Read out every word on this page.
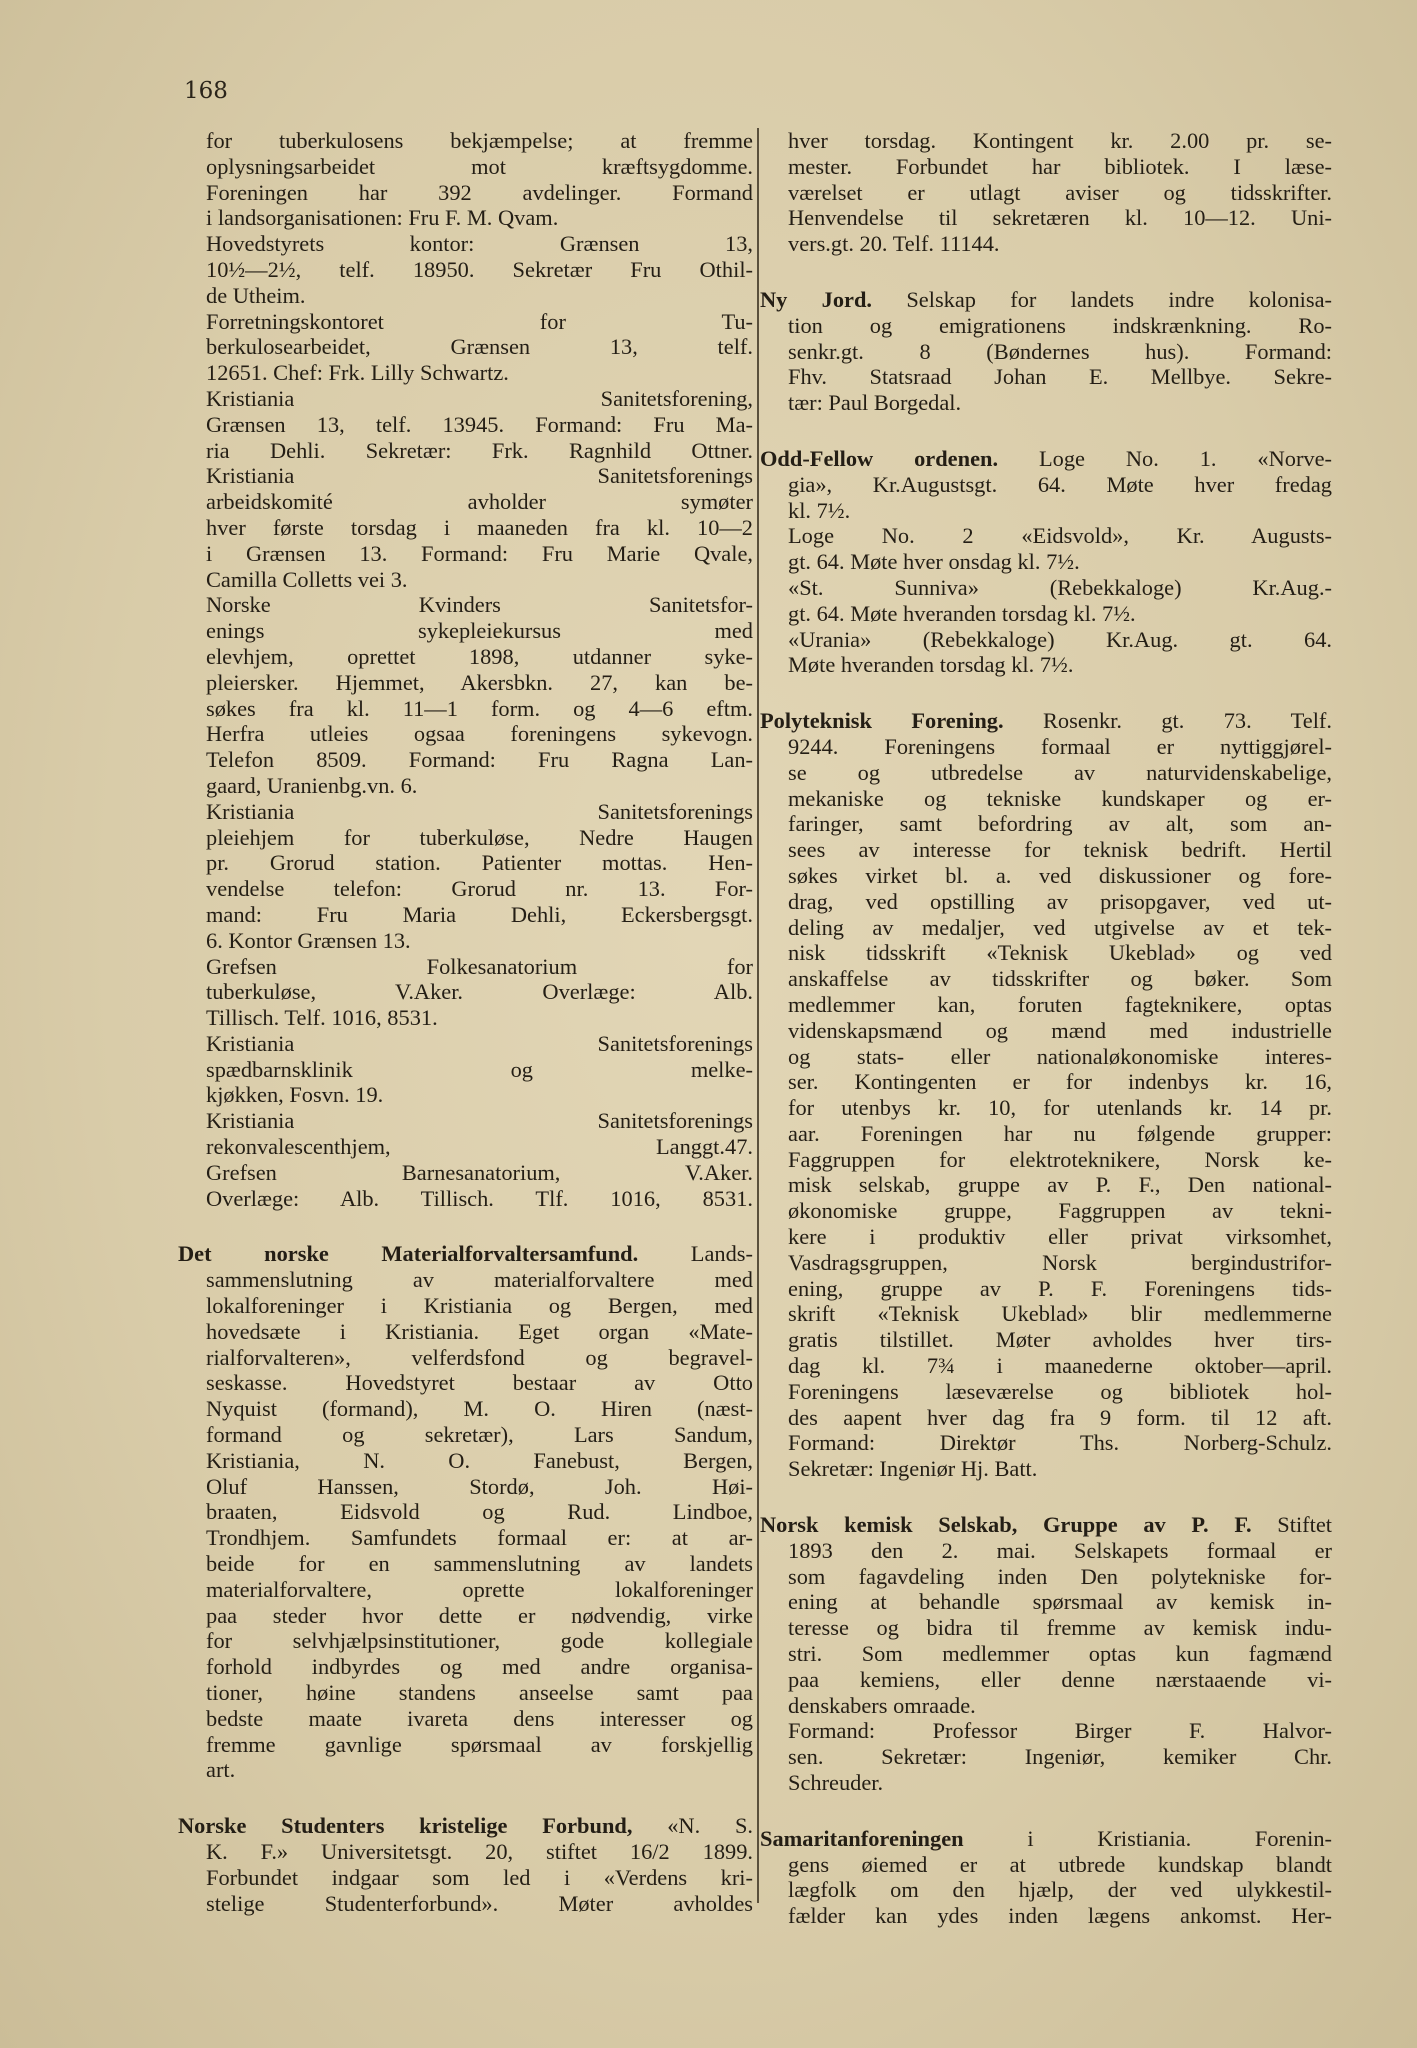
168
for tuberkulosens bekjæmpelse; at fremme
oplysningsarbeidet mot kræftsygdomme.
Foreningen har 392 avdelinger. Formand
i landsorganisationen: Fru F. M. Qvam.
Hovedstyrets kontor: Grænsen 13,
10½—2½, telf. 18950. Sekretær Fru Othil-
de Utheim.
Forretningskontoret for Tu-
berkulosearbeidet, Grænsen 13, telf.
12651. Chef: Frk. Lilly Schwartz.
Kristiania Sanitetsforening,
Grænsen 13, telf. 13945. Formand: Fru Ma-
ria Dehli. Sekretær: Frk. Ragnhild Ottner.
Kristiania Sanitetsforenings
arbeidskomité avholder symøter
hver første torsdag i maaneden fra kl. 10—2
i Grænsen 13. Formand: Fru Marie Qvale,
Camilla Colletts vei 3.
Norske Kvinders Sanitetsfor-
enings sykepleiekursus med
elevhjem, oprettet 1898, utdanner syke-
pleiersker. Hjemmet, Akersbkn. 27, kan be-
søkes fra kl. 11—1 form. og 4—6 eftm.
Herfra utleies ogsaa foreningens sykevogn.
Telefon 8509. Formand: Fru Ragna Lan-
gaard, Uranienbg.vn. 6.
Kristiania Sanitetsforenings
pleiehjem for tuberkuløse, Nedre Haugen
pr. Grorud station. Patienter mottas. Hen-
vendelse telefon: Grorud nr. 13. For-
mand: Fru Maria Dehli, Eckersbergsgt.
6. Kontor Grænsen 13.
Grefsen Folkesanatorium for
tuberkuløse, V.Aker. Overlæge: Alb.
Tillisch. Telf. 1016, 8531.
Kristiania Sanitetsforenings
spædbarnsklinik og melke-
kjøkken, Fosvn. 19.
Kristiania Sanitetsforenings
rekonvalescenthjem, Langgt.47.
Grefsen Barnesanatorium, V.Aker.
Overlæge: Alb. Tillisch. Tlf. 1016, 8531.
Det norske Materialforvaltersamfund. Lands-
sammenslutning av materialforvaltere med
lokalforeninger i Kristiania og Bergen, med
hovedsæte i Kristiania. Eget organ «Mate-
rialforvalteren», velferdsfond og begravel-
seskasse. Hovedstyret bestaar av Otto
Nyquist (formand), M. O. Hiren (næst-
formand og sekretær), Lars Sandum,
Kristiania, N. O. Fanebust, Bergen,
Oluf Hanssen, Stordø, Joh. Høi-
braaten, Eidsvold og Rud. Lindboe,
Trondhjem. Samfundets formaal er: at ar-
beide for en sammenslutning av landets
materialforvaltere, oprette lokalforeninger
paa steder hvor dette er nødvendig, virke
for selvhjælpsinstitutioner, gode kollegiale
forhold indbyrdes og med andre organisa-
tioner, høine standens anseelse samt paa
bedste maate ivareta dens interesser og
fremme gavnlige spørsmaal av forskjellig
art.
Norske Studenters kristelige Forbund, «N. S.
K. F.» Universitetsgt. 20, stiftet 16/2 1899.
Forbundet indgaar som led i «Verdens kri-
stelige Studenterforbund». Møter avholdes
hver torsdag. Kontingent kr. 2.00 pr. se-
mester. Forbundet har bibliotek. I læse-
værelset er utlagt aviser og tidsskrifter.
Henvendelse til sekretæren kl. 10—12. Uni-
vers.gt. 20. Telf. 11144.
Ny Jord. Selskap for landets indre kolonisa-
tion og emigrationens indskrænkning. Ro-
senkr.gt. 8 (Bøndernes hus). Formand:
Fhv. Statsraad Johan E. Mellbye. Sekre-
tær: Paul Borgedal.
Odd-Fellow ordenen. Loge No. 1. «Norve-
gia», Kr.Augustsgt. 64. Møte hver fredag
kl. 7½.
Loge No. 2 «Eidsvold», Kr. Augusts-
gt. 64. Møte hver onsdag kl. 7½.
«St. Sunniva» (Rebekkaloge) Kr.Aug.-
gt. 64. Møte hveranden torsdag kl. 7½.
«Urania» (Rebekkaloge) Kr.Aug. gt. 64.
Møte hveranden torsdag kl. 7½.
Polyteknisk Forening. Rosenkr. gt. 73. Telf.
9244. Foreningens formaal er nyttiggjørel-
se og utbredelse av naturvidenskabelige,
mekaniske og tekniske kundskaper og er-
faringer, samt befordring av alt, som an-
sees av interesse for teknisk bedrift. Hertil
søkes virket bl. a. ved diskussioner og fore-
drag, ved opstilling av prisopgaver, ved ut-
deling av medaljer, ved utgivelse av et tek-
nisk tidsskrift «Teknisk Ukeblad» og ved
anskaffelse av tidsskrifter og bøker. Som
medlemmer kan, foruten fagteknikere, optas
videnskapsmænd og mænd med industrielle
og stats- eller nationaløkonomiske interes-
ser. Kontingenten er for indenbys kr. 16,
for utenbys kr. 10, for utenlands kr. 14 pr.
aar. Foreningen har nu følgende grupper:
Faggruppen for elektroteknikere, Norsk ke-
misk selskab, gruppe av P. F., Den national-
økonomiske gruppe, Faggruppen av tekni-
kere i produktiv eller privat virksomhet,
Vasdragsgruppen, Norsk bergindustrifor-
ening, gruppe av P. F. Foreningens tids-
skrift «Teknisk Ukeblad» blir medlemmerne
gratis tilstillet. Møter avholdes hver tirs-
dag kl. 7¾ i maanederne oktober—april.
Foreningens læseværelse og bibliotek hol-
des aapent hver dag fra 9 form. til 12 aft.
Formand: Direktør Ths. Norberg-Schulz.
Sekretær: Ingeniør Hj. Batt.
Norsk kemisk Selskab, Gruppe av P. F. Stiftet
1893 den 2. mai. Selskapets formaal er
som fagavdeling inden Den polytekniske for-
ening at behandle spørsmaal av kemisk in-
teresse og bidra til fremme av kemisk indu-
stri. Som medlemmer optas kun fagmænd
paa kemiens, eller denne nærstaaende vi-
denskabers omraade.
Formand: Professor Birger F. Halvor-
sen. Sekretær: Ingeniør, kemiker Chr.
Schreuder.
Samaritanforeningen	i Kristiania. Forenin-
gens øiemed er at utbrede kundskap blandt
lægfolk om den hjælp, der ved ulykkestil-
fælder kan ydes inden lægens ankomst. Her-
